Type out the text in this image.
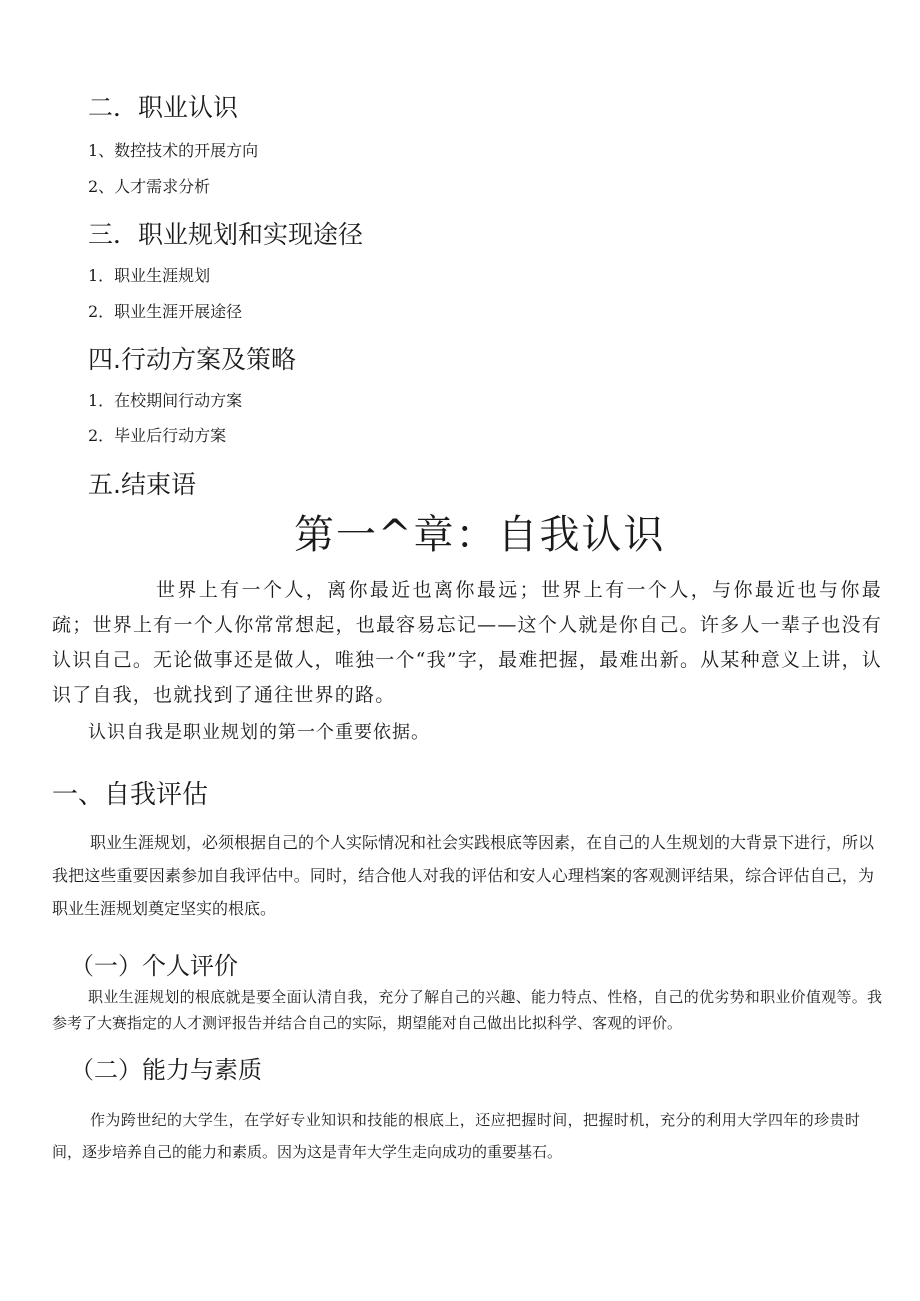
二．职业认识
1、数控技术的开展方向
2、人才需求分析
三．职业规划和实现途径
1．职业生涯规划
2．职业生涯开展途径
四.行动方案及策略
1．在校期间行动方案
2．毕业后行动方案
五.结束语
第一^章：自我认识

世界上有一个人，离你最近也离你最远；世界上有一个人，与你最近也与你最疏；世界上有一个人你常常想起，也最容易忘记——这个人就是你自己。许多人一辈子也没有认识自己。无论做事还是做人，唯独一个“我”字，最难把握，最难出新。从某种意义上讲，认识了自我，也就找到了通往世界的路。

认识自我是职业规划的第一个重要依据。

一、自我评估

职业生涯规划，必须根据自己的个人实际情况和社会实践根底等因素，在自己的人生规划的大背景下进行，所以我把这些重要因素参加自我评估中。同时，结合他人对我的评估和安人心理档案的客观测评结果，综合评估自己，为职业生涯规划奠定坚实的根底。

（一）个人评价

职业生涯规划的根底就是要全面认清自我，充分了解自己的兴趣、能力特点、性格，自己的优劣势和职业价值观等。我参考了大赛指定的人才测评报告并结合自己的实际，期望能对自己做出比拟科学、客观的评价。

（二）能力与素质

作为跨世纪的大学生，在学好专业知识和技能的根底上，还应把握时间，把握时机，充分的利用大学四年的珍贵时间，逐步培养自己的能力和素质。因为这是青年大学生走向成功的重要基石。
